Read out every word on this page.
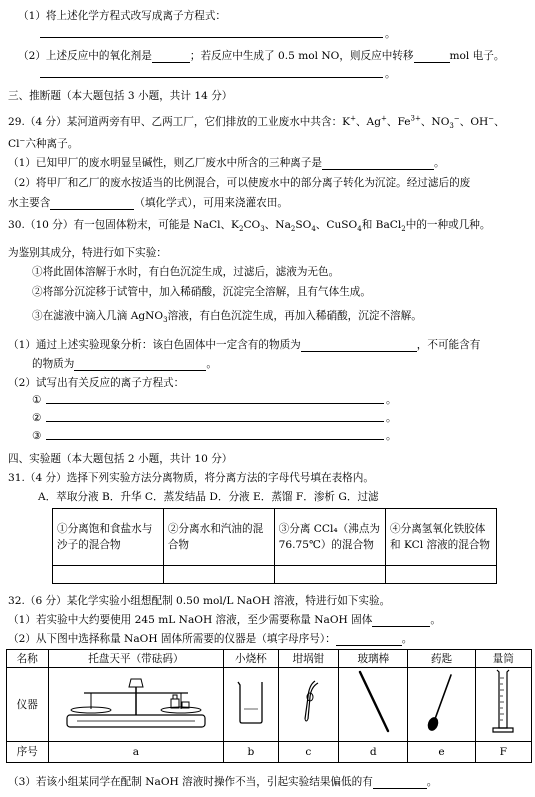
（1）将上述化学方程式改写成离子方程式：
。
（2）上述反应中的氧化剂是	；若反应中生成了 0.5 mol NO，则反应中转移	mol 电子。
。
三、推断题（本大题包括 3 小题，共计 14 分）
29.（4 分）某河道两旁有甲、乙两工厂，它们排放的工业废水中共含：K+、Ag+、$Fe^{3+}$、$NO_3^-$、OH−、
Cl−六种离子。
（1）已知甲厂的废水明显呈碱性，则乙厂废水中所含的三种离子是	。
（2）将甲厂和乙厂的废水按适当的比例混合，可以使废水中的部分离子转化为沉淀。经过滤后的废
水主要含	（填化学式），可用来浇灌农田。
30.（10 分）有一包固体粉末，可能是 NaCl、$K_2CO_3$、$Na_2SO_4$、CuSO$_4$和 BaCl$_2$中的一种或几种。
为鉴别其成分，特进行如下实验：
①将此固体溶解于水时，有白色沉淀生成，过滤后，滤液为无色。
②将部分沉淀移于试管中，加入稀硝酸，沉淀完全溶解，且有气体生成。
③在滤液中滴入几滴 AgNO$_3$溶液，有白色沉淀生成，再加入稀硝酸，沉淀不溶解。
（1）通过上述实验现象分析：该白色固体中一定含有的物质为	，不可能含有
的物质为	。
（2）试写出有关反应的离子方程式：
①	。
②	。
③	。
四、实验题（本大题包括 2 小题，共计 10 分）
31.（4 分）选择下列实验方法分离物质，将分离方法的字母代号填在表格内。
A．萃取分液 B．升华 C．蒸发结晶 D．分液 E．蒸馏 F．渗析 G．过滤
①分离饱和食盐水与沙子的混合物	②分离水和汽油的混合物	③分离 CCl₄（沸点为 76.75℃）的混合物	④分离氢氧化铁胶体和 KCl 溶液的混合物

32.（6 分）某化学实验小组想配制 0.50 mol/L NaOH 溶液，特进行如下实验。
（1）若实验中大约要使用 245 mL NaOH 溶液，至少需要称量 NaOH 固体	。
（2）从下图中选择称量 NaOH 固体所需要的仪器是（填字母序号）：	。
名称	托盘天平（带砝码）	小烧杯	坩埚钳	玻璃棒	药匙	量筒
仪器						
序号	a	b	c	d	e	F
（3）若该小组某同学在配制 NaOH 溶液时操作不当，引起实验结果偏低的有	。
